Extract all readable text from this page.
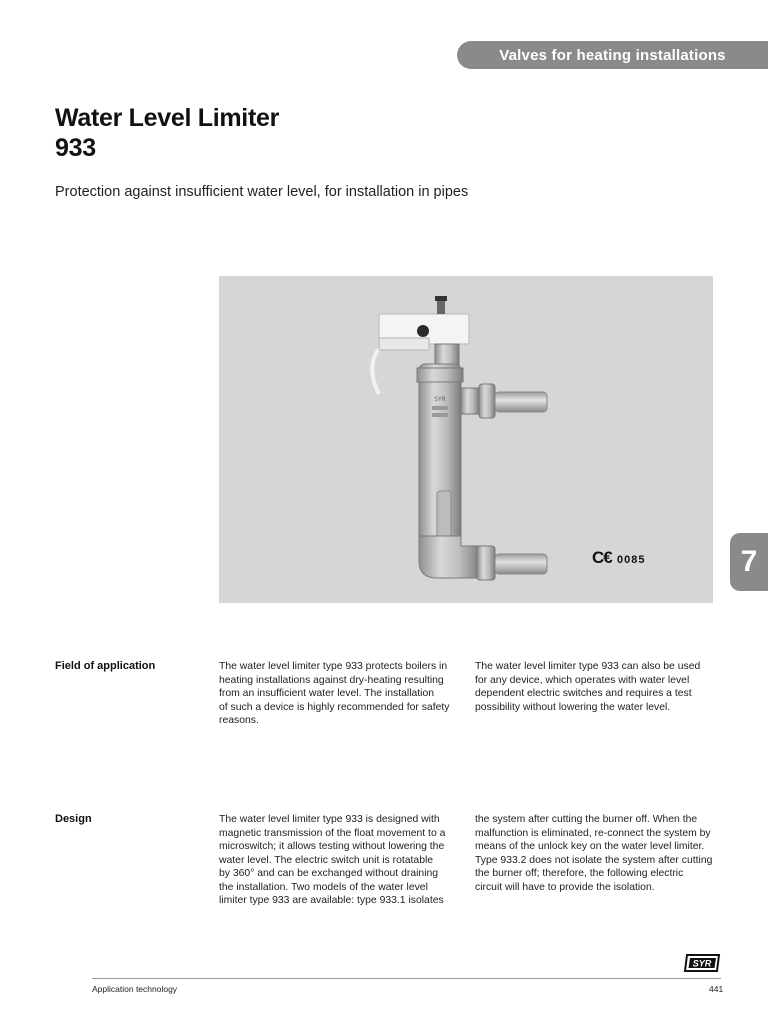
Valves for heating installations
Water Level Limiter
933

Protection against insufficient water level, for installation in pipes

SYR
C€ 0085	7
Field of application	The water level limiter type 933 protects boilers in
heating installations against dry-heating resulting
from an insufficient water level. The installation
of such a device is highly recommended for safety
reasons.
The water level limiter type 933 can also be used
for any device, which operates with water level
dependent electric switches and requires a test
possibility without lowering the water level.
Design	The water level limiter type 933 is designed with
magnetic transmission of the float movement to a
microswitch; it allows testing without lowering the
water level. The electric switch unit is rotatable
by 360° and can be exchanged without draining
the installation. Two models of the water level
limiter type 933 are available: type 933.1 isolates
the system after cutting the burner off. When the
malfunction is eliminated, re-connect the system by
means of the unlock key on the water level limiter.
Type 933.2 does not isolate the system after cutting
the burner off; therefore, the following electric
circuit will have to provide the isolation.
SYR
Application technology	441
